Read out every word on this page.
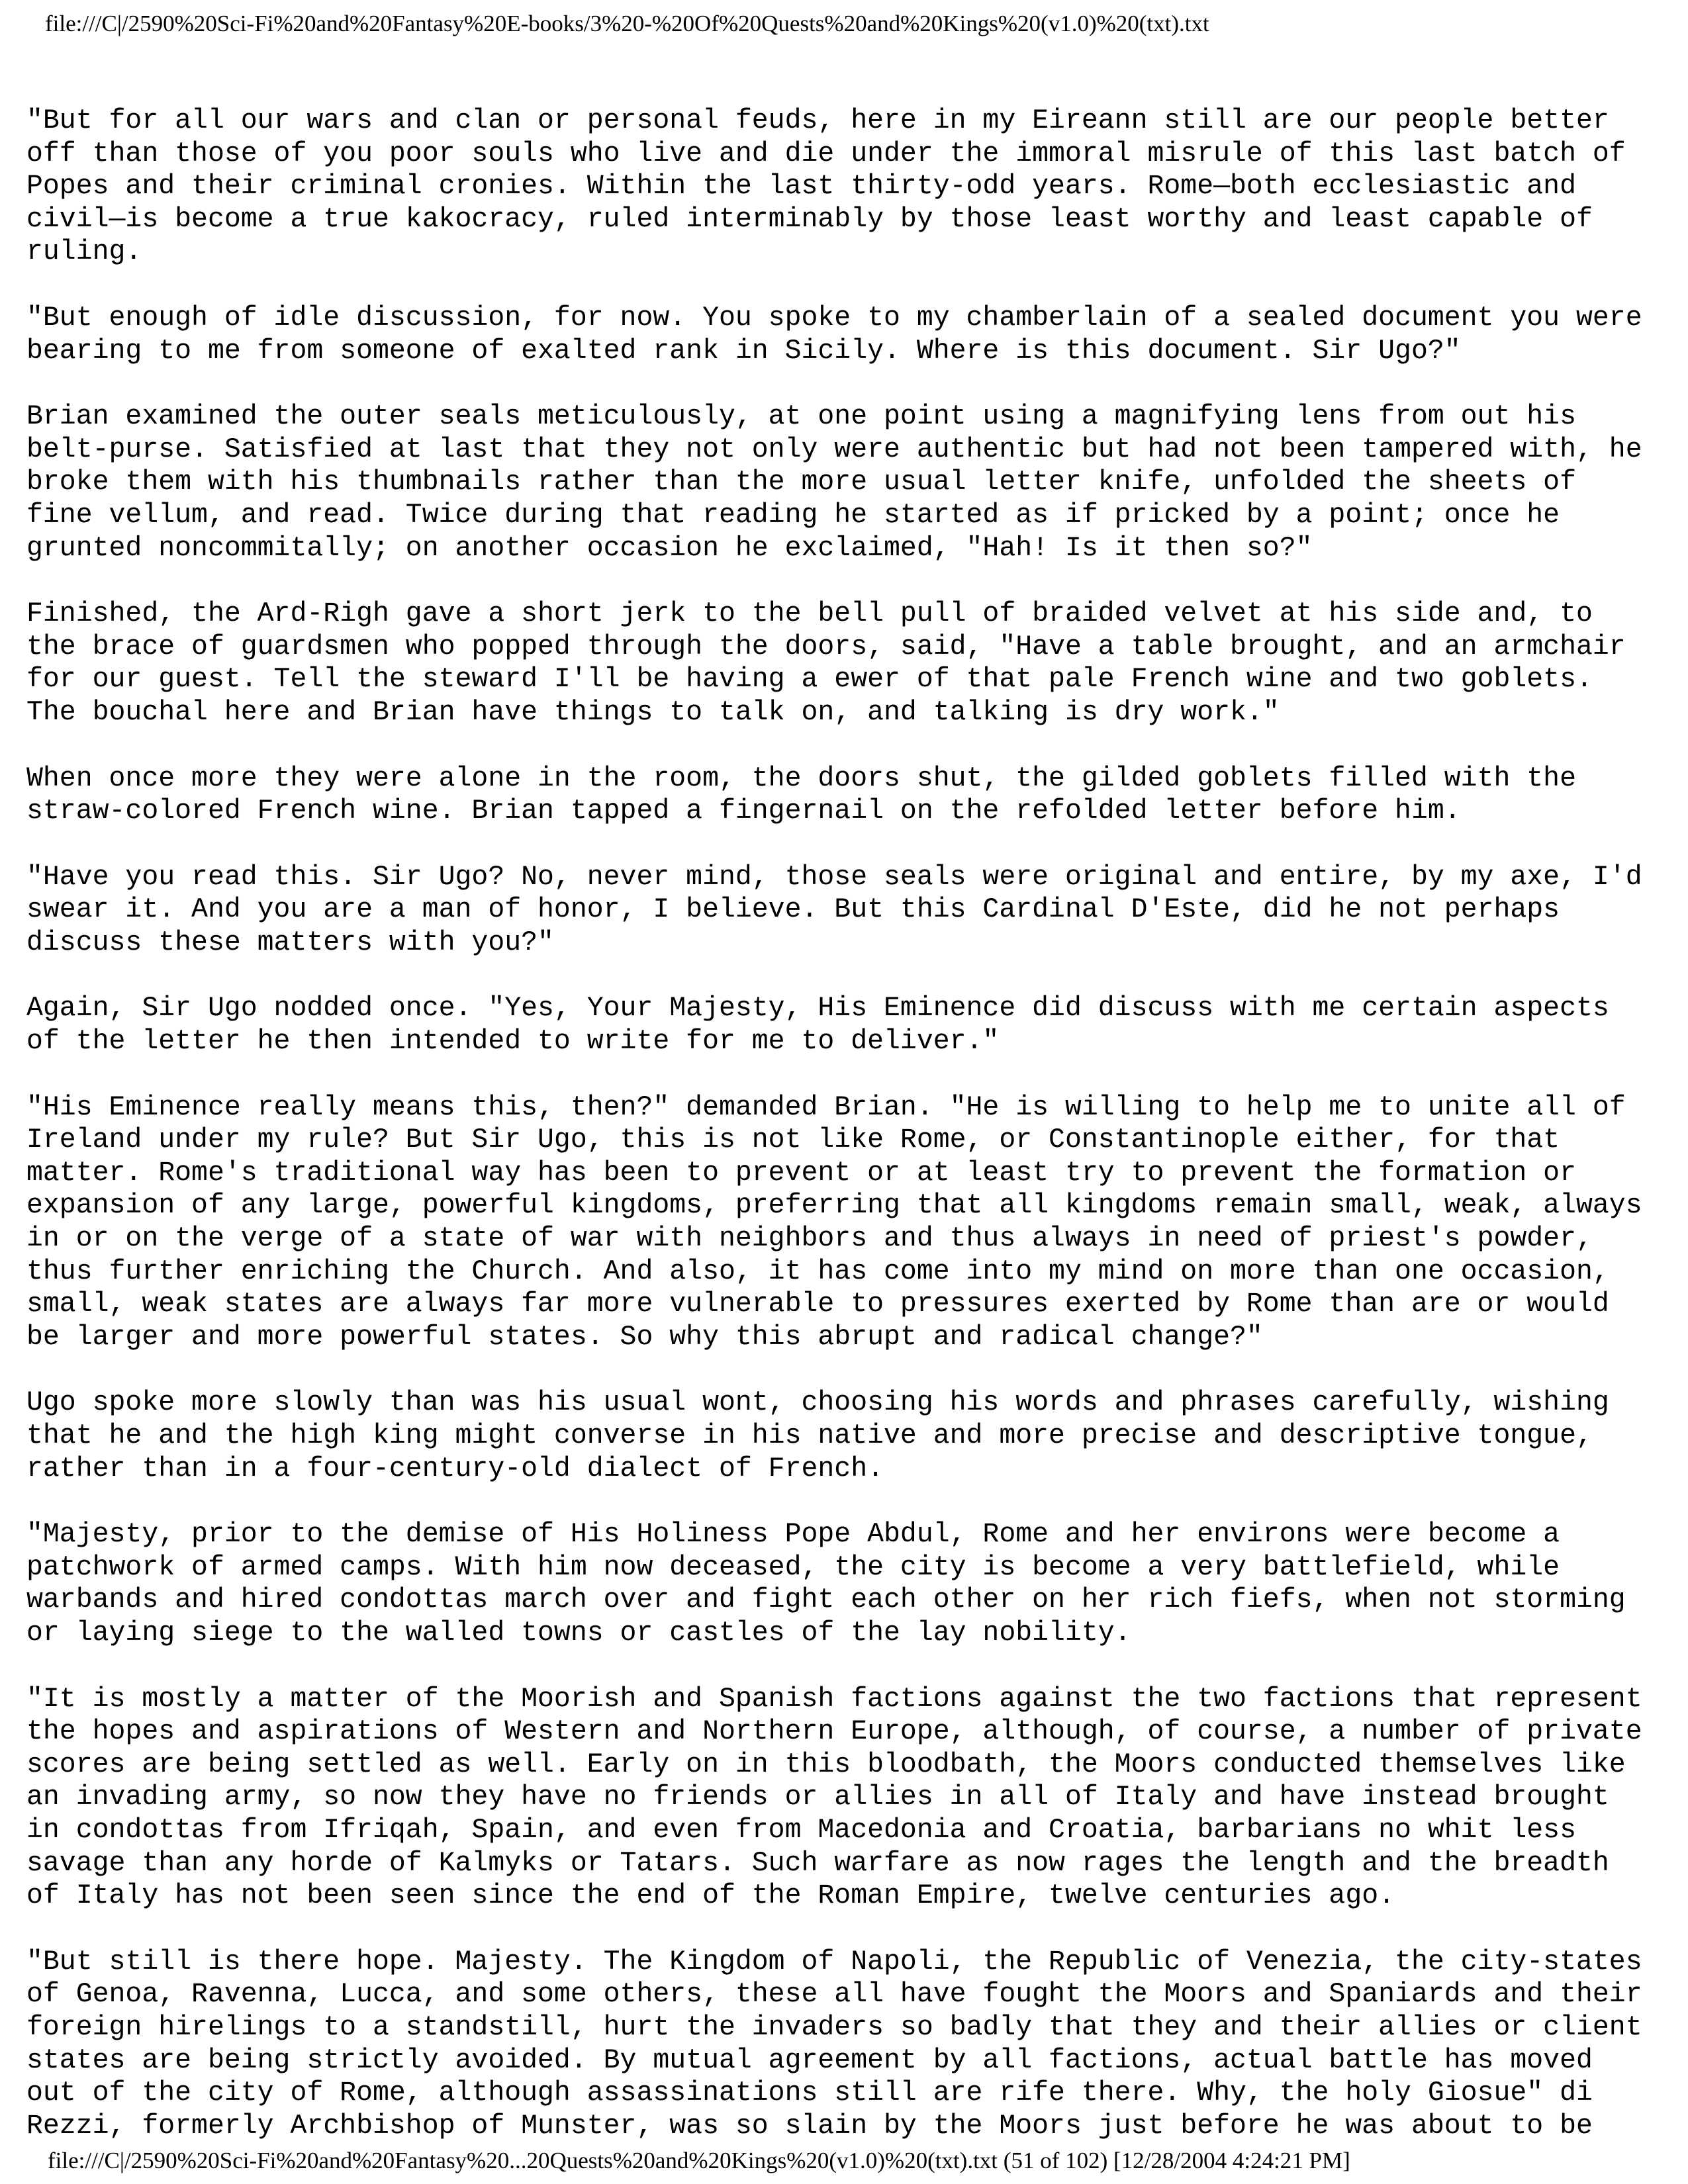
file:///C|/2590%20Sci-Fi%20and%20Fantasy%20E-books/3%20-%20Of%20Quests%20and%20Kings%20(v1.0)%20(txt).txt

"But for all our wars and clan or personal feuds, here in my Eireann still are our people better
off than those of you poor souls who live and die under the immoral misrule of this last batch of
Popes and their criminal cronies. Within the last thirty-odd years. Rome—both ecclesiastic and
civil—is become a true kakocracy, ruled interminably by those least worthy and least capable of
ruling.

"But enough of idle discussion, for now. You spoke to my chamberlain of a sealed document you were
bearing to me from someone of exalted rank in Sicily. Where is this document. Sir Ugo?"

Brian examined the outer seals meticulously, at one point using a magnifying lens from out his
belt-purse. Satisfied at last that they not only were authentic but had not been tampered with, he
broke them with his thumbnails rather than the more usual letter knife, unfolded the sheets of
fine vellum, and read. Twice during that reading he started as if pricked by a point; once he
grunted noncommitally; on another occasion he exclaimed, "Hah! Is it then so?"

Finished, the Ard-Righ gave a short jerk to the bell pull of braided velvet at his side and, to
the brace of guardsmen who popped through the doors, said, "Have a table brought, and an armchair
for our guest. Tell the steward I'll be having a ewer of that pale French wine and two goblets.
The bouchal here and Brian have things to talk on, and talking is dry work."

When once more they were alone in the room, the doors shut, the gilded goblets filled with the
straw-colored French wine. Brian tapped a fingernail on the refolded letter before him.

"Have you read this. Sir Ugo? No, never mind, those seals were original and entire, by my axe, I'd
swear it. And you are a man of honor, I believe. But this Cardinal D'Este, did he not perhaps
discuss these matters with you?"

Again, Sir Ugo nodded once. "Yes, Your Majesty, His Eminence did discuss with me certain aspects
of the letter he then intended to write for me to deliver."

"His Eminence really means this, then?" demanded Brian. "He is willing to help me to unite all of
Ireland under my rule? But Sir Ugo, this is not like Rome, or Constantinople either, for that
matter. Rome's traditional way has been to prevent or at least try to prevent the formation or
expansion of any large, powerful kingdoms, preferring that all kingdoms remain small, weak, always
in or on the verge of a state of war with neighbors and thus always in need of priest's powder,
thus further enriching the Church. And also, it has come into my mind on more than one occasion,
small, weak states are always far more vulnerable to pressures exerted by Rome than are or would
be larger and more powerful states. So why this abrupt and radical change?"

Ugo spoke more slowly than was his usual wont, choosing his words and phrases carefully, wishing
that he and the high king might converse in his native and more precise and descriptive tongue,
rather than in a four-century-old dialect of French.

"Majesty, prior to the demise of His Holiness Pope Abdul, Rome and her environs were become a
patchwork of armed camps. With him now deceased, the city is become a very battlefield, while
warbands and hired condottas march over and fight each other on her rich fiefs, when not storming
or laying siege to the walled towns or castles of the lay nobility.

"It is mostly a matter of the Moorish and Spanish factions against the two factions that represent
the hopes and aspirations of Western and Northern Europe, although, of course, a number of private
scores are being settled as well. Early on in this bloodbath, the Moors conducted themselves like
an invading army, so now they have no friends or allies in all of Italy and have instead brought
in condottas from Ifriqah, Spain, and even from Macedonia and Croatia, barbarians no whit less
savage than any horde of Kalmyks or Tatars. Such warfare as now rages the length and the breadth
of Italy has not been seen since the end of the Roman Empire, twelve centuries ago.

"But still is there hope. Majesty. The Kingdom of Napoli, the Republic of Venezia, the city-states
of Genoa, Ravenna, Lucca, and some others, these all have fought the Moors and Spaniards and their
foreign hirelings to a standstill, hurt the invaders so badly that they and their allies or client
states are being strictly avoided. By mutual agreement by all factions, actual battle has moved
out of the city of Rome, although assassinations still are rife there. Why, the holy Giosue" di
Rezzi, formerly Archbishop of Munster, was so slain by the Moors just before he was about to be

file:///C|/2590%20Sci-Fi%20and%20Fantasy%20...20Quests%20and%20Kings%20(v1.0)%20(txt).txt (51 of 102) [12/28/2004 4:24:21 PM]
